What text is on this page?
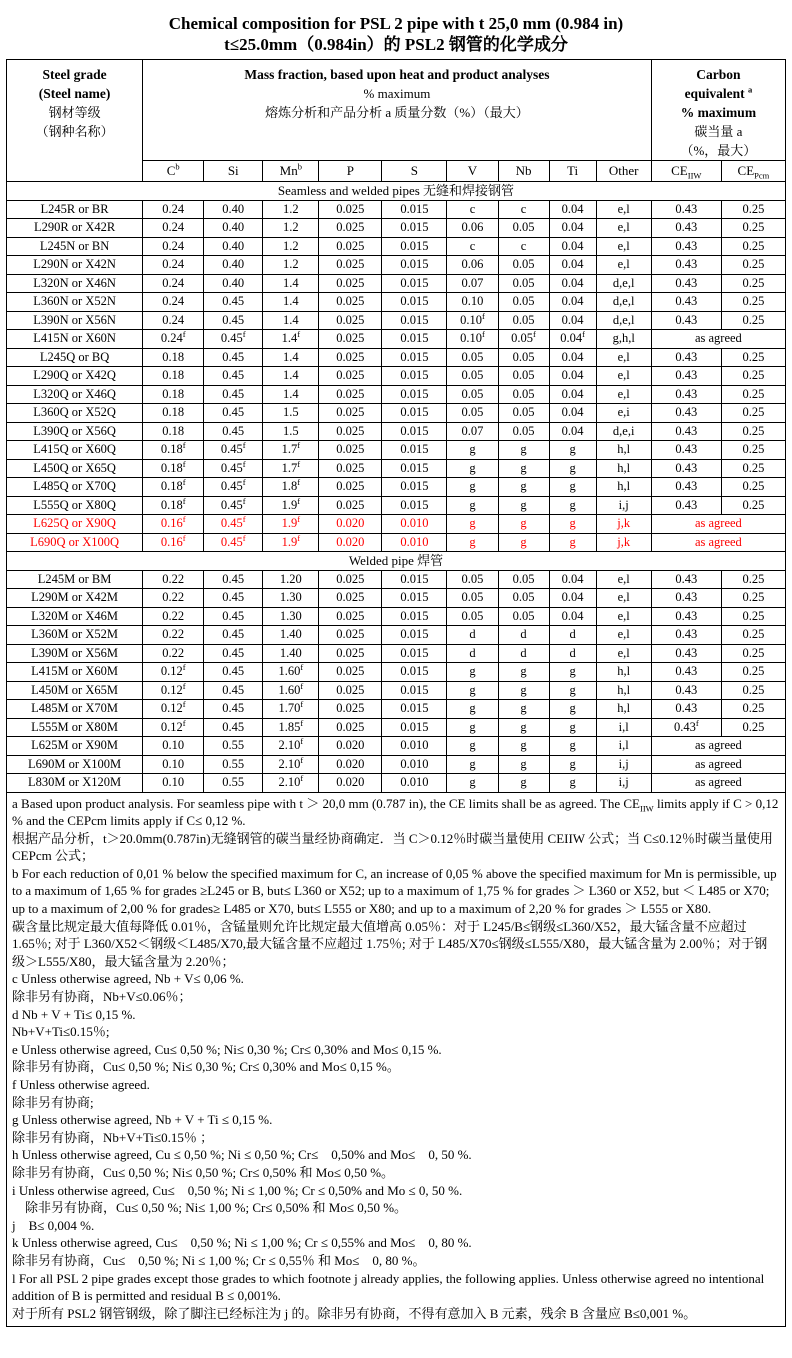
Chemical composition for PSL 2 pipe with t 25,0 mm (0.984 in)
t≤25.0mm（0.984in）的 PSL2 钢管的化学成分
Steel grade
(Steel name)
钢材等级
（钢种名称）

Mass fraction, based upon heat and product analyses
% maximum
熔炼分析和产品分析 a 质量分数（%）（最大）

Carbon
equivalent $^a$
% maximum
碳当量 a
（%，最大）

	$C^b$	Si	Mn$^b$	P	S	V	Nb	Ti	Other	$CE_{IIW}$	$CE_{Pcm}$
Seamless and welded pipes 无缝和焊接钢管											
L245R or BR	0.24	0.40	1.2	0.025	0.015	c	c	0.04	e,l	0.43	0.25
L290R or X42R	0.24	0.40	1.2	0.025	0.015	0.06	0.05	0.04	e,l	0.43	0.25
L245N or BN	0.24	0.40	1.2	0.025	0.015	c	c	0.04	e,l	0.43	0.25
L290N or X42N	0.24	0.40	1.2	0.025	0.015	0.06	0.05	0.04	e,l	0.43	0.25
L320N or X46N	0.24	0.40	1.4	0.025	0.015	0.07	0.05	0.04	d,e,l	0.43	0.25
L360N or X52N	0.24	0.45	1.4	0.025	0.015	0.10	0.05	0.04	d,e,l	0.43	0.25
L390N or X56N	0.24	0.45	1.4	0.025	0.015	0.10$^f$	0.05	0.04	d,e,l	0.43	0.25
L415N or X60N	0.24$^f$	0.45$^f$	1.4$^f$	0.025	0.015	0.10$^f$	0.05$^f$	0.04$^f$	g,h,l	as agreed	
L245Q or BQ	0.18	0.45	1.4	0.025	0.015	0.05	0.05	0.04	e,l	0.43	0.25
L290Q or X42Q	0.18	0.45	1.4	0.025	0.015	0.05	0.05	0.04	e,l	0.43	0.25
L320Q or X46Q	0.18	0.45	1.4	0.025	0.015	0.05	0.05	0.04	e,l	0.43	0.25
L360Q or X52Q	0.18	0.45	1.5	0.025	0.015	0.05	0.05	0.04	e,i	0.43	0.25
L390Q or X56Q	0.18	0.45	1.5	0.025	0.015	0.07	0.05	0.04	d,e,i	0.43	0.25
L415Q or X60Q	0.18$^f$	0.45$^f$	1.7$^f$	0.025	0.015	g	g	g	h,l	0.43	0.25
L450Q or X65Q	0.18$^f$	0.45$^f$	1.7$^f$	0.025	0.015	g	g	g	h,l	0.43	0.25
L485Q or X70Q	0.18$^f$	0.45$^f$	1.8$^f$	0.025	0.015	g	g	g	h,l	0.43	0.25
L555Q or X80Q	0.18$^f$	0.45$^f$	1.9$^f$	0.025	0.015	g	g	g	i,j	0.43	0.25
L625Q or X90Q	0.16$^f$	0.45$^f$	1.9$^f$	0.020	0.010	g	g	g	j,k	as agreed	
L690Q or X100Q	0.16$^f$	0.45$^f$	1.9$^f$	0.020	0.010	g	g	g	j,k	as agreed	
Welded pipe 焊管											
L245M or BM	0.22	0.45	1.20	0.025	0.015	0.05	0.05	0.04	e,l	0.43	0.25
L290M or X42M	0.22	0.45	1.30	0.025	0.015	0.05	0.05	0.04	e,l	0.43	0.25
L320M or X46M	0.22	0.45	1.30	0.025	0.015	0.05	0.05	0.04	e,l	0.43	0.25
L360M or X52M	0.22	0.45	1.40	0.025	0.015	d	d	d	e,l	0.43	0.25
L390M or X56M	0.22	0.45	1.40	0.025	0.015	d	d	d	e,l	0.43	0.25
L415M or X60M	0.12$^f$	0.45	1.60$^f$	0.025	0.015	g	g	g	h,l	0.43	0.25
L450M or X65M	0.12$^f$	0.45	1.60$^f$	0.025	0.015	g	g	g	h,l	0.43	0.25
L485M or X70M	0.12$^f$	0.45	1.70$^f$	0.025	0.015	g	g	g	h,l	0.43	0.25
L555M or X80M	0.12$^f$	0.45	1.85$^f$	0.025	0.015	g	g	g	i,l	0.43$^f$	0.25
L625M or X90M	0.10	0.55	2.10$^f$	0.020	0.010	g	g	g	i,l	as agreed	
L690M or X100M	0.10	0.55	2.10$^f$	0.020	0.010	g	g	g	i,j	as agreed	
L830M or X120M	0.10	0.55	2.10$^f$	0.020	0.010	g	g	g	i,j	as agreed	

a Based upon product analysis. For seamless pipe with t ＞ 20,0 mm (0.787 in), the CE limits shall be as agreed. The $CE_{IIW}$ limits apply if C > 0,12 % and the CEPcm limits apply if C≤ 0,12 %.
根据产品分析，t＞20.0mm(0.787in)无缝钢管的碳当量经协商确定．当 C＞0.12％时碳当量使用 CEIIW 公式；当 C≤0.12％时碳当量使用 CEPcm 公式；
b For each reduction of 0,01 % below the specified maximum for C, an increase of 0,05 % above the specified maximum for Mn is permissible, up to a maximum of 1,65 % for grades ≥L245 or B, but≤ L360 or X52; up to a maximum of 1,75 % for grades ＞ L360 or X52, but ＜ L485 or X70; up to a maximum of 2,00 % for grades≥ L485 or X70, but≤ L555 or X80; and up to a maximum of 2,20 % for grades ＞ L555 or X80.
碳含量比规定最大值每降低 0.01％，含锰量则允许比规定最大值增高 0.05％：对于 L245/B≤钢级≤L360/X52，最大锰含量不应超过 1.65％; 对于 L360/X52＜钢级＜L485/X70,最大锰含量不应超过 1.75％; 对于 L485/X70≤钢级≤L555/X80，最大锰含量为 2.00％；对于钢级＞L555/X80，最大锰含量为 2.20％；
c Unless otherwise agreed, Nb + V≤ 0,06 %.
除非另有协商，Nb+V≤0.06％；
d Nb + V + Ti≤ 0,15 %.
Nb+V+Ti≤0.15％;
e Unless otherwise agreed, Cu≤ 0,50 %; Ni≤ 0,30 %; Cr≤ 0,30% and Mo≤ 0,15 %.
除非另有协商，Cu≤ 0,50 %; Ni≤ 0,30 %; Cr≤ 0,30% and Mo≤ 0,15 %。
f Unless otherwise agreed.
除非另有协商;
g Unless otherwise agreed, Nb + V + Ti ≤ 0,15 %.
除非另有协商，Nb+V+Ti≤0.15％ ；
h Unless otherwise agreed, Cu ≤ 0,50 %; Ni ≤ 0,50 %; Cr≤　0,50% and Mo≤　0, 50 %.
除非另有协商，Cu≤ 0,50 %; Ni≤ 0,50 %; Cr≤ 0,50% 和 Mo≤ 0,50 %。
i Unless otherwise agreed, Cu≤　0,50 %; Ni ≤ 1,00 %; Cr ≤ 0,50% and Mo ≤ 0, 50 %.
　除非另有协商，Cu≤ 0,50 %; Ni≤ 1,00 %; Cr≤ 0,50% 和 Mo≤ 0,50 %。
j　B≤ 0,004 %.
k Unless otherwise agreed, Cu≤　0,50 %; Ni ≤ 1,00 %; Cr ≤ 0,55% and Mo≤　0, 80 %.
除非另有协商，Cu≤　0,50 %; Ni ≤ 1,00 %; Cr ≤ 0,55％ 和 Mo≤　0, 80 %。
l For all PSL 2 pipe grades except those grades to which footnote j already applies, the following applies. Unless otherwise agreed no intentional addition of B is permitted and residual B ≤ 0,001%.
对于所有 PSL2 钢管钢级，除了脚注已经标注为 j 的。除非另有协商，不得有意加入 B 元素，残余 B 含量应 B≤0,001 %。
